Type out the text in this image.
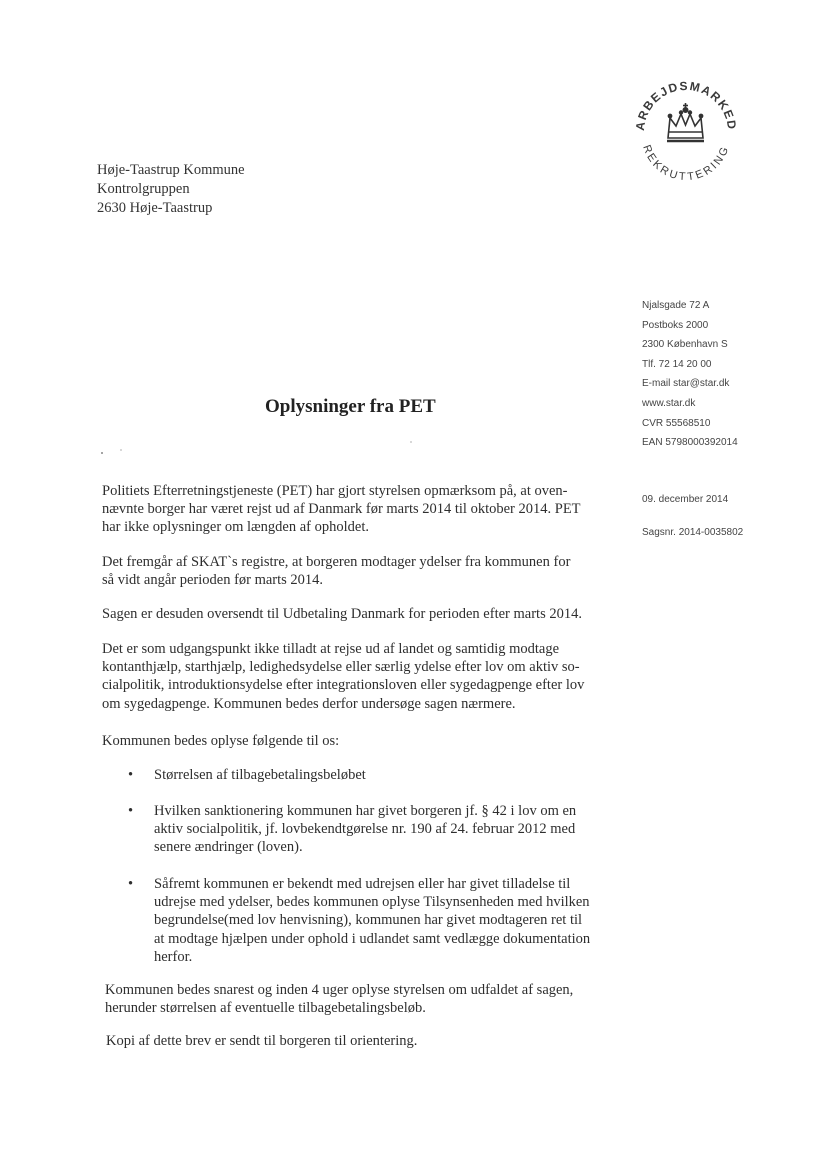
ARBEJDSMARKED
REKRUTTERING
Høje-Taastrup Kommune
Kontrolgruppen
2630 Høje-Taastrup
Njalsgade 72 A
Postboks 2000
2300 København S
Tlf. 72 14 20 00
E-mail star@star.dk
www.star.dk
CVR 55568510
EAN 5798000392014
09. december 2014
Sagsnr. 2014-0035802
Oplysninger fra PET

Politiets Efterretningstjeneste (PET) har gjort styrelsen opmærksom på, at oven-

nævnte borger har været rejst ud af Danmark før marts 2014 til oktober 2014. PET

har ikke oplysninger om længden af opholdet.

Det fremgår af SKAT`s registre, at borgeren modtager ydelser fra kommunen for

så vidt angår perioden før marts 2014.

Sagen er desuden oversendt til Udbetaling Danmark for perioden efter marts 2014.

Det er som udgangspunkt ikke tilladt at rejse ud af landet og samtidig modtage

kontanthjælp, starthjælp, ledighedsydelse eller særlig ydelse efter lov om aktiv so-

cialpolitik, introduktionsydelse efter integrationsloven eller sygedagpenge efter lov

om sygedagpenge. Kommunen bedes derfor undersøge sagen nærmere.

Kommunen bedes oplyse følgende til os:

• Størrelsen af tilbagebetalingsbeløbet

• Hvilken sanktionering kommunen har givet borgeren jf. § 42 i lov om en

aktiv socialpolitik, jf. lovbekendtgørelse nr. 190 af 24. februar 2012 med

senere ændringer (loven).

• Såfremt kommunen er bekendt med udrejsen eller har givet tilladelse til

udrejse med ydelser, bedes kommunen oplyse Tilsynsenheden med hvilken

begrundelse(med lov henvisning), kommunen har givet modtageren ret til

at modtage hjælpen under ophold i udlandet samt vedlægge dokumentation

herfor.

Kommunen bedes snarest og inden 4 uger oplyse styrelsen om udfaldet af sagen,

herunder størrelsen af eventuelle tilbagebetalingsbeløb.

Kopi af dette brev er sendt til borgeren til orientering.
